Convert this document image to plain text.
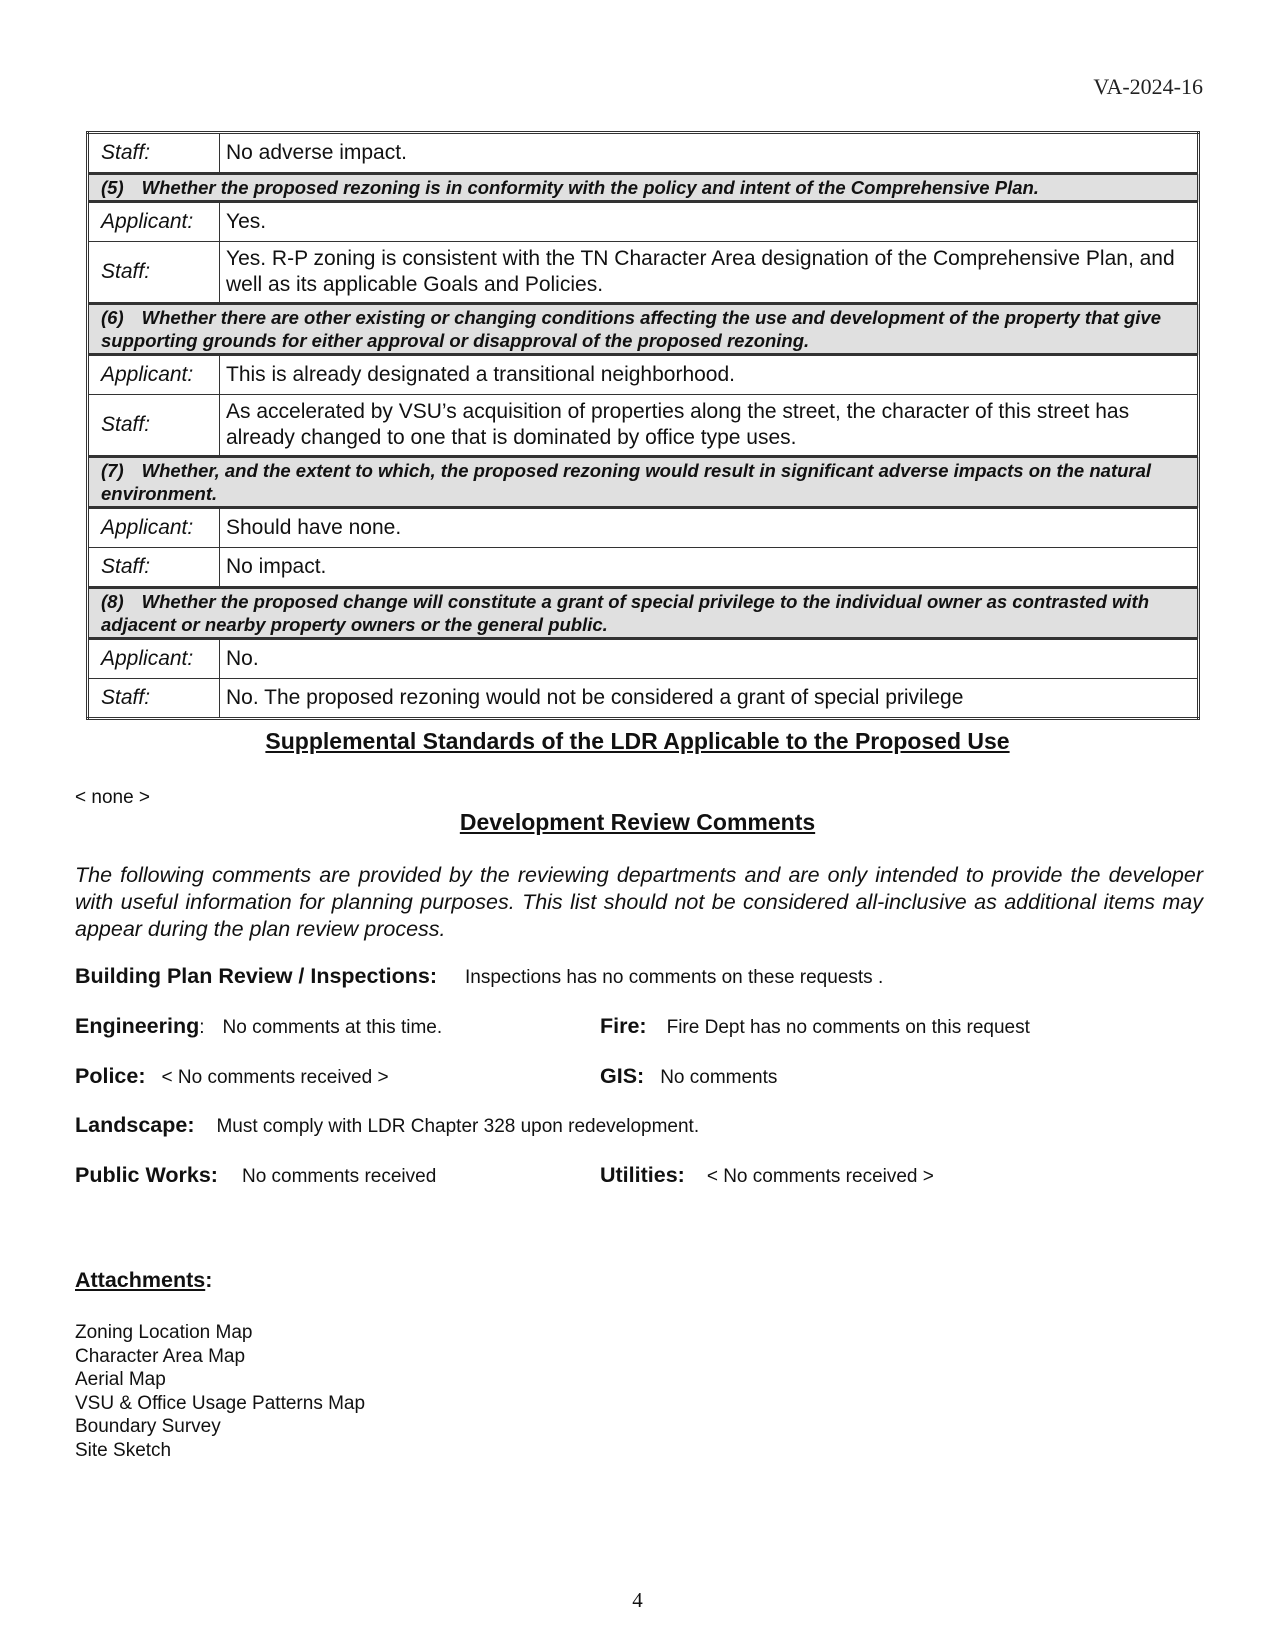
VA-2024-16
Staff:	No adverse impact.
(5) Whether the proposed rezoning is in conformity with the policy and intent of the Comprehensive Plan.	
Applicant:	Yes.
Staff:	Yes. R-P zoning is consistent with the TN Character Area designation of the Comprehensive Plan, and well as its applicable Goals and Policies.
(6) Whether there are other existing or changing conditions affecting the use and development of the property that give supporting grounds for either approval or disapproval of the proposed rezoning.	
Applicant:	This is already designated a transitional neighborhood.
Staff:	As accelerated by VSU’s acquisition of properties along the street, the character of this street has already changed to one that is dominated by office type uses.
(7) Whether, and the extent to which, the proposed rezoning would result in significant adverse impacts on the natural environment.	
Applicant:	Should have none.
Staff:	No impact.
(8) Whether the proposed change will constitute a grant of special privilege to the individual owner as contrasted with adjacent or nearby property owners or the general public.	
Applicant:	No.
Staff:	No. The proposed rezoning would not be considered a grant of special privilege
Supplemental Standards of the LDR Applicable to the Proposed Use
< none >
Development Review Comments
The following comments are provided by the reviewing departments and are only intended to provide the developer with useful information for planning purposes. This list should not be considered all-inclusive as additional items may appear during the plan review process.
Building Plan Review / Inspections: Inspections has no comments on these requests .
Engineering: No comments at this time.	Fire: Fire Dept has no comments on this request
Police: < No comments received >	GIS: No comments
Landscape: Must comply with LDR Chapter 328 upon redevelopment.
Public Works: No comments received	Utilities: < No comments received >
Attachments:
Zoning Location Map
Character Area Map
Aerial Map
VSU & Office Usage Patterns Map
Boundary Survey
Site Sketch
4
